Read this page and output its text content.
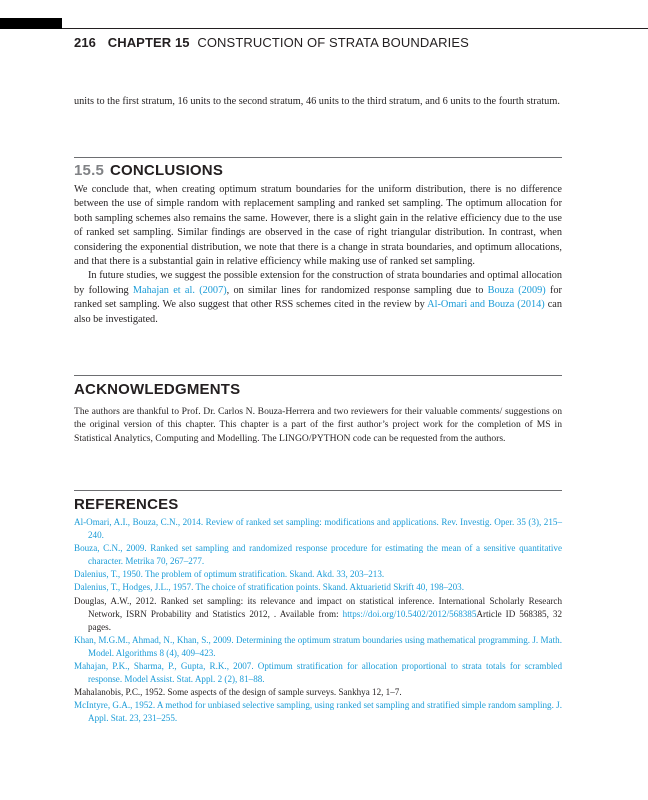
216 CHAPTER 15 CONSTRUCTION OF STRATA BOUNDARIES

units to the first stratum, 16 units to the second stratum, 46 units to the third stratum, and 6 units to the fourth stratum.

15.5 CONCLUSIONS

We conclude that, when creating optimum stratum boundaries for the uniform distribution, there is no difference between the use of simple random with replacement sampling and ranked set sampling. The optimum allocation for both sampling schemes also remains the same. However, there is a slight gain in the relative efficiency due to the use of ranked set sampling. Similar findings are observed in the case of right triangular distribution. In contrast, when considering the exponential distribution, we note that there is a change in strata boundaries, and optimum allocations, and that there is a substantial gain in relative efficiency while making use of ranked set sampling.

In future studies, we suggest the possible extension for the construction of strata boundaries and optimal allocation by following Mahajan et al. (2007), on similar lines for randomized response sampling due to Bouza (2009) for ranked set sampling. We also suggest that other RSS schemes cited in the review by Al-Omari and Bouza (2014) can also be investigated.

ACKNOWLEDGMENTS

The authors are thankful to Prof. Dr. Carlos N. Bouza-Herrera and two reviewers for their valuable comments/ suggestions on the original version of this chapter. This chapter is a part of the first author’s project work for the completion of MS in Statistical Analytics, Computing and Modelling. The LINGO/PYTHON code can be requested from the authors.

REFERENCES

Al-Omari, A.I., Bouza, C.N., 2014. Review of ranked set sampling: modifications and applications. Rev. Investig. Oper. 35 (3), 215–240.

Bouza, C.N., 2009. Ranked set sampling and randomized response procedure for estimating the mean of a sensitive quantitative character. Metrika 70, 267–277.

Dalenius, T., 1950. The problem of optimum stratification. Skand. Akd. 33, 203–213.

Dalenius, T., Hodges, J.L., 1957. The choice of stratification points. Skand. Aktuarietid Skrift 40, 198–203.

Douglas, A.W., 2012. Ranked set sampling: its relevance and impact on statistical inference. International Scholarly Research Network, ISRN Probability and Statistics 2012, . Available from: https://doi.org/10.5402/2012/568385Article ID 568385, 32 pages.

Khan, M.G.M., Ahmad, N., Khan, S., 2009. Determining the optimum stratum boundaries using mathematical programming. J. Math. Model. Algorithms 8 (4), 409–423.

Mahajan, P.K., Sharma, P., Gupta, R.K., 2007. Optimum stratification for allocation proportional to strata totals for scrambled response. Model Assist. Stat. Appl. 2 (2), 81–88.

Mahalanobis, P.C., 1952. Some aspects of the design of sample surveys. Sankhya 12, 1–7.

McIntyre, G.A., 1952. A method for unbiased selective sampling, using ranked set sampling and stratified simple random sampling. J. Appl. Stat. 23, 231–255.
